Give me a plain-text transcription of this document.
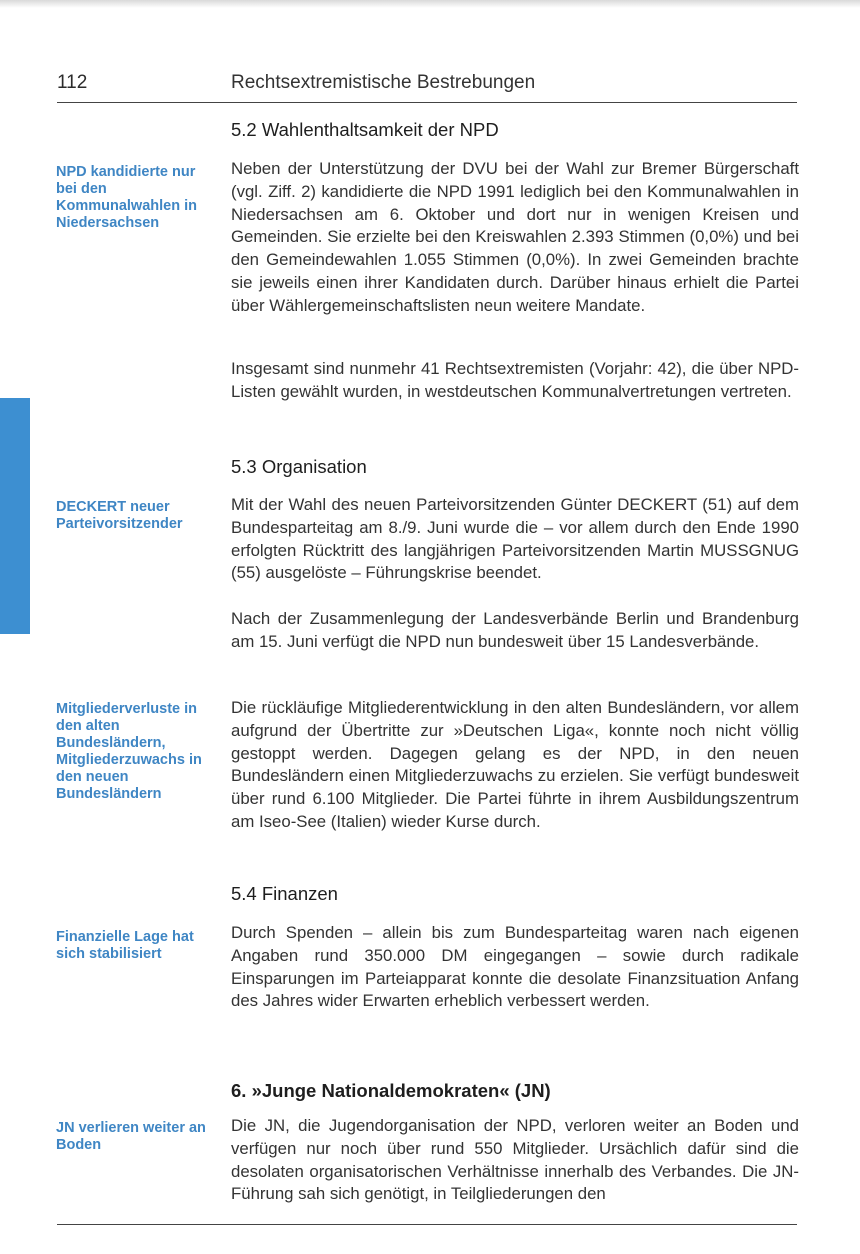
112	Rechtsextremistische Bestrebungen
5.2 Wahlenthaltsamkeit der NPD
NPD kandidierte nur bei den Kommunalwahlen in Niedersachsen
Neben der Unterstützung der DVU bei der Wahl zur Bremer Bürgerschaft (vgl. Ziff. 2) kandidierte die NPD 1991 lediglich bei den Kommunalwahlen in Niedersachsen am 6. Oktober und dort nur in wenigen Kreisen und Gemeinden. Sie erzielte bei den Kreiswahlen 2.393 Stimmen (0,0%) und bei den Gemeindewahlen 1.055 Stimmen (0,0%). In zwei Gemeinden brachte sie jeweils einen ihrer Kandidaten durch. Darüber hinaus erhielt die Partei über Wählergemeinschaftslisten neun weitere Mandate.
Insgesamt sind nunmehr 41 Rechtsextremisten (Vorjahr: 42), die über NPD-Listen gewählt wurden, in westdeutschen Kommunalvertretungen vertreten.
5.3 Organisation
DECKERT neuer Parteivorsitzender
Mit der Wahl des neuen Parteivorsitzenden Günter DECKERT (51) auf dem Bundesparteitag am 8./9. Juni wurde die – vor allem durch den Ende 1990 erfolgten Rücktritt des langjährigen Parteivorsitzenden Martin MUSSGNUG (55) ausgelöste – Führungskrise beendet.
Nach der Zusammenlegung der Landesverbände Berlin und Brandenburg am 15. Juni verfügt die NPD nun bundesweit über 15 Landesverbände.
Mitgliederverluste in den alten Bundesländern, Mitgliederzuwachs in den neuen Bundesländern
Die rückläufige Mitgliederentwicklung in den alten Bundesländern, vor allem aufgrund der Übertritte zur »Deutschen Liga«, konnte noch nicht völlig gestoppt werden. Dagegen gelang es der NPD, in den neuen Bundesländern einen Mitgliederzuwachs zu erzielen. Sie verfügt bundesweit über rund 6.100 Mitglieder. Die Partei führte in ihrem Ausbildungszentrum am Iseo-See (Italien) wieder Kurse durch.
5.4 Finanzen
Finanzielle Lage hat sich stabilisiert
Durch Spenden – allein bis zum Bundesparteitag waren nach eigenen Angaben rund 350.000 DM eingegangen – sowie durch radikale Einsparungen im Parteiapparat konnte die desolate Finanzsituation Anfang des Jahres wider Erwarten erheblich verbessert werden.
6. »Junge Nationaldemokraten« (JN)
JN verlieren weiter an Boden
Die JN, die Jugendorganisation der NPD, verloren weiter an Boden und verfügen nur noch über rund 550 Mitglieder. Ursächlich dafür sind die desolaten organisatorischen Verhältnisse innerhalb des Verbandes. Die JN-Führung sah sich genötigt, in Teilgliederungen den
